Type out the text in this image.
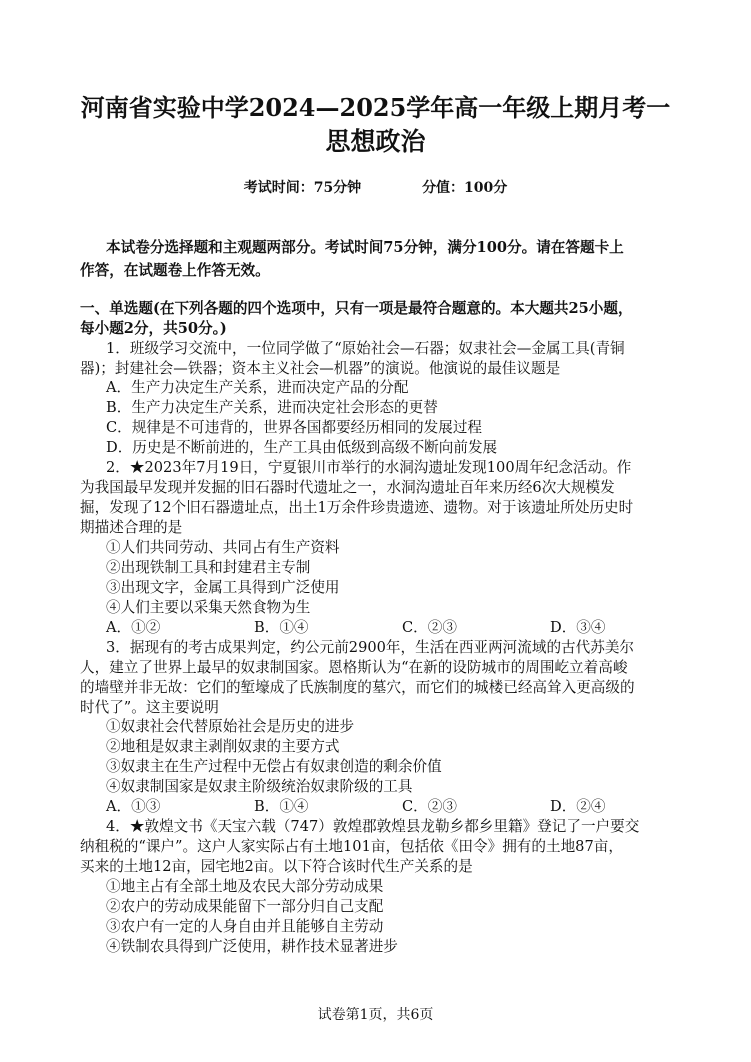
河南省实验中学2024—2025学年高一年级上期月考一
思想政治
考试时间：75分钟	分值：100分
本试卷分选择题和主观题两部分。考试时间75分钟，满分100分。请在答题卡上
作答，在试题卷上作答无效。
一、单选题(在下列各题的四个选项中，只有一项是最符合题意的。本大题共25小题，
每小题2分，共50分。)
1．班级学习交流中，一位同学做了“原始社会—石器；奴隶社会—金属工具(青铜
器)；封建社会—铁器；资本主义社会—机器”的演说。他演说的最佳议题是
A．生产力决定生产关系，进而决定产品的分配
B．生产力决定生产关系，进而决定社会形态的更替
C．规律是不可违背的，世界各国都要经历相同的发展过程
D．历史是不断前进的，生产工具由低级到高级不断向前发展
2．★2023年7月19日，宁夏银川市举行的水洞沟遗址发现100周年纪念活动。作
为我国最早发现并发掘的旧石器时代遗址之一，水洞沟遗址百年来历经6次大规模发
掘，发现了12个旧石器遗址点，出土1万余件珍贵遗迹、遗物。对于该遗址所处历史时
期描述合理的是
①人们共同劳动、共同占有生产资料
②出现铁制工具和封建君主专制
③出现文字，金属工具得到广泛使用
④人们主要以采集天然食物为生
A．①②	B．①④	C．②③	D．③④
3．据现有的考古成果判定，约公元前2900年，生活在西亚两河流域的古代苏美尔
人，建立了世界上最早的奴隶制国家。恩格斯认为“在新的设防城市的周围屹立着高峻
的墙壁并非无故：它们的堑壕成了氏族制度的墓穴，而它们的城楼已经高耸入更高级的
时代了”。这主要说明
①奴隶社会代替原始社会是历史的进步
②地租是奴隶主剥削奴隶的主要方式
③奴隶主在生产过程中无偿占有奴隶创造的剩余价值
④奴隶制国家是奴隶主阶级统治奴隶阶级的工具
A．①③	B．①④	C．②③	D．②④
4．★敦煌文书《天宝六载（747）敦煌郡敦煌县龙勒乡都乡里籍》登记了一户要交
纳租税的“课户”。这户人家实际占有土地101亩，包括依《田令》拥有的土地87亩，
买来的土地12亩，园宅地2亩。以下符合该时代生产关系的是
①地主占有全部土地及农民大部分劳动成果
②农户的劳动成果能留下一部分归自己支配
③农户有一定的人身自由并且能够自主劳动
④铁制农具得到广泛使用，耕作技术显著进步
试卷第1页，共6页
